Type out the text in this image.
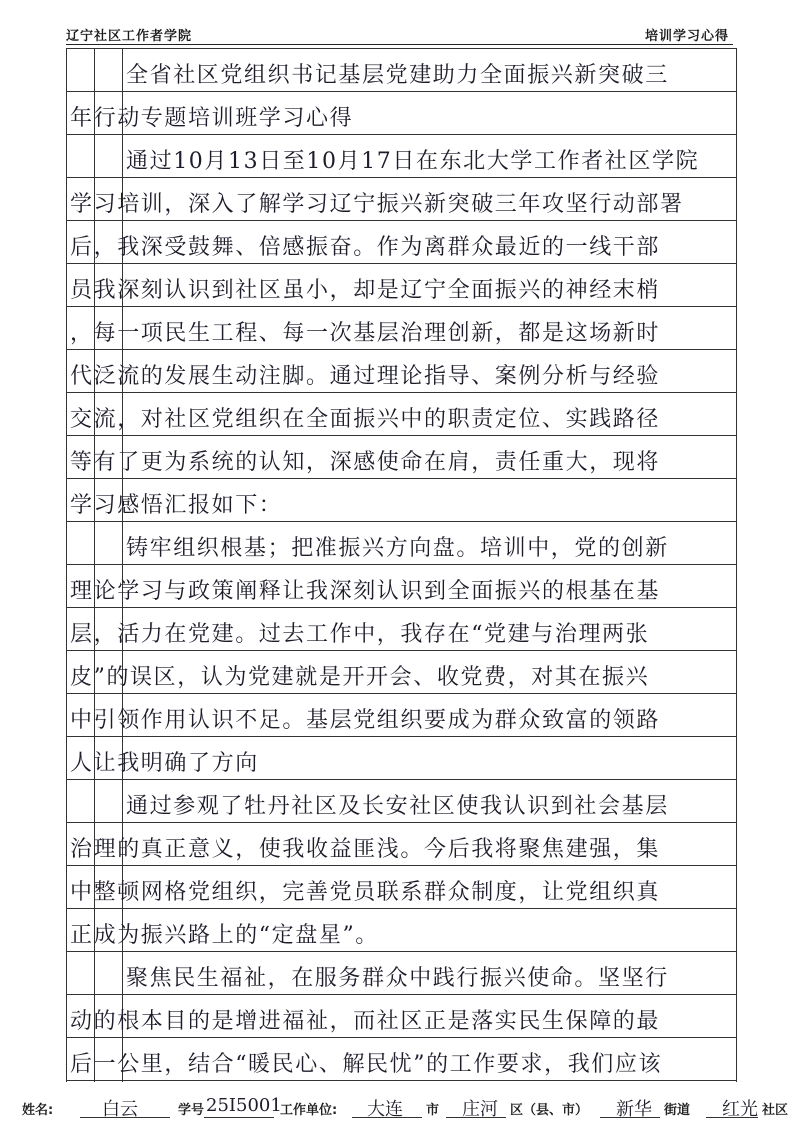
辽宁社区工作者学院	培训学习心得
全省社区党组织书记基层党建助力全面振兴新突破三
年行动专题培训班学习心得
通过10月13日至10月17日在东北大学工作者社区学院
学习培训，深入了解学习辽宁振兴新突破三年攻坚行动部署
后，我深受鼓舞、倍感振奋。作为离群众最近的一线干部
员我深刻认识到社区虽小，却是辽宁全面振兴的神经末梢
，每一项民生工程、每一次基层治理创新，都是这场新时
代泛流的发展生动注脚。通过理论指导、案例分析与经验
交流，对社区党组织在全面振兴中的职责定位、实践路径
等有了更为系统的认知，深感使命在肩，责任重大，现将
学习感悟汇报如下：
铸牢组织根基；把准振兴方向盘。培训中，党的创新
理论学习与政策阐释让我深刻认识到全面振兴的根基在基
层，活力在党建。过去工作中，我存在“党建与治理两张
皮”的误区，认为党建就是开开会、收党费，对其在振兴
中引领作用认识不足。基层党组织要成为群众致富的领路
人让我明确了方向
通过参观了牡丹社区及长安社区使我认识到社会基层
治理的真正意义，使我收益匪浅。今后我将聚焦建强，集
中整顿网格党组织，完善党员联系群众制度，让党组织真
正成为振兴路上的“定盘星”。
聚焦民生福祉，在服务群众中践行振兴使命。坚坚行
动的根本目的是增进福祉，而社区正是落实民生保障的最
后一公里，结合“暖民心、解民忧”的工作要求，我们应该
姓名:	白云	学号 25I5001
工作单位: 大连 市 庄河 区（县、市） 新华 街道 红光 社区
